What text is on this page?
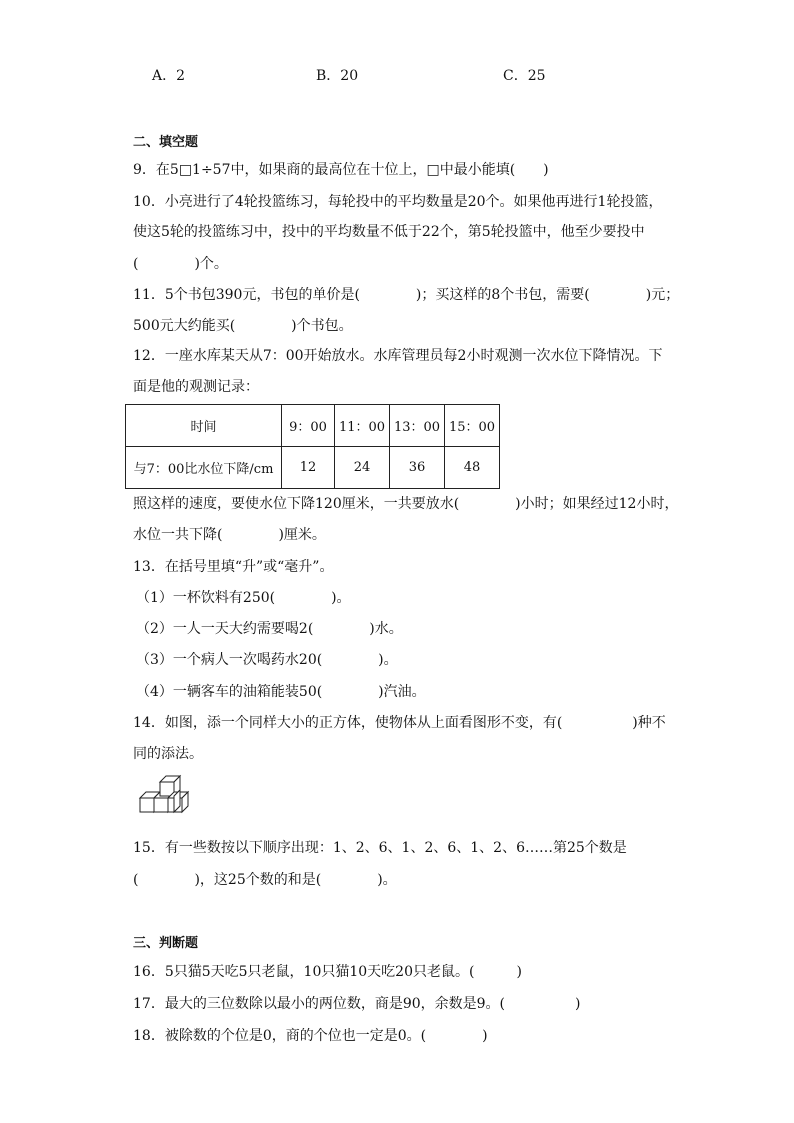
A．2	B．20	C．25
二、填空题
9．在5□1÷57中，如果商的最高位在十位上，□中最小能填(　　)
10．小亮进行了4轮投篮练习，每轮投中的平均数量是20个。如果他再进行1轮投篮，
使这5轮的投篮练习中，投中的平均数量不低于22个，第5轮投篮中，他至少要投中
(　　　　)个。
11．5个书包390元，书包的单价是(　　　　)；买这样的8个书包，需要(　　　　)元；
500元大约能买(　　　　)个书包。
12．一座水库某天从7：00开始放水。水库管理员每2小时观测一次水位下降情况。下
面是他的观测记录：
时间	9：00	11：00	13：00	15：00
与7：00比水位下降/cm	12	24	36	48
照这样的速度，要使水位下降120厘米，一共要放水(　　　　)小时；如果经过12小时，
水位一共下降(　　　　)厘米。
13．在括号里填“升”或“毫升”。
（1）一杯饮料有250(　　　　)。
（2）一人一天大约需要喝2(　　　　)水。
（3）一个病人一次喝药水20(　　　　)。
（4）一辆客车的油箱能装50(　　　　)汽油。
14．如图，添一个同样大小的正方体，使物体从上面看图形不变，有(　　　　　)种不
同的添法。
15．有一些数按以下顺序出现：1、2、6、1、2、6、1、2、6……第25个数是
(　　　　)，这25个数的和是(　　　　)。
三、判断题
16．5只猫5天吃5只老鼠，10只猫10天吃20只老鼠。(　　　)
17．最大的三位数除以最小的两位数，商是90，余数是9。(　　　　　)
18．被除数的个位是0，商的个位也一定是0。(　　　　)
